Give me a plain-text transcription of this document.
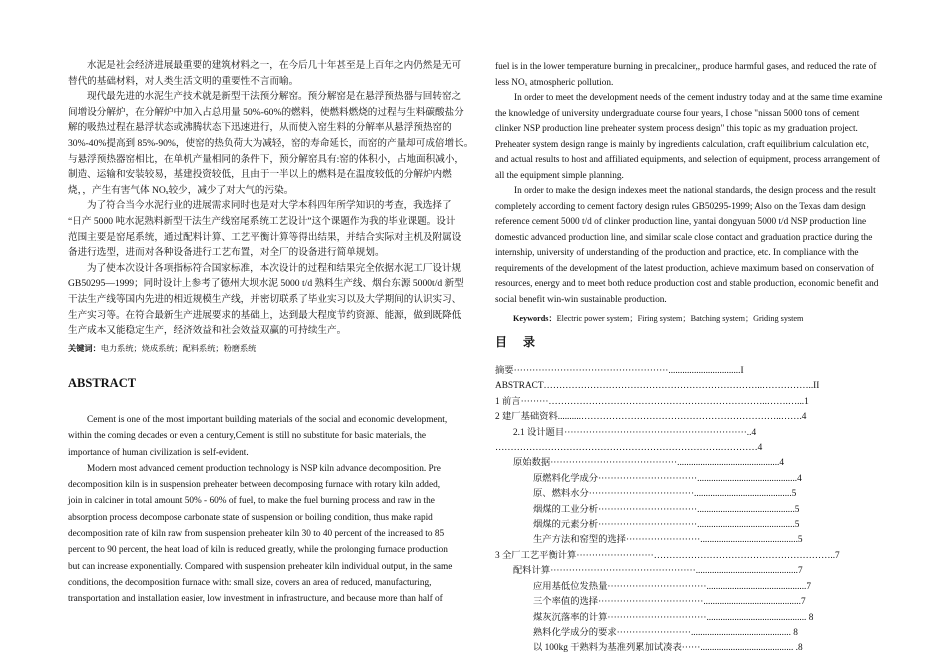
水泥是社会经济进展最重要的建筑材料之一，在今后几十年甚至是上百年之内仍然是无可
替代的基础材料，对人类生活文明的重要性不言而喻。
现代最先进的水泥生产技术就是新型干法预分解窑。预分解窑是在悬浮预热器与回转窑之
间增设分解炉，在分解炉中加入占总用量 50%-60%的燃料，使燃料燃烧的过程与生料碳酸盐分
解的吸热过程在悬浮状态或沸腾状态下迅速进行，从而使入窑生料的分解率从悬浮预热窑的
30%-40%提高到 85%-90%，使窑的热负荷大为减轻，窑的寿命延长，而窑的产量却可成倍增长。
与悬浮预热器窑相比，在单机产量相同的条件下，预分解窑具有:窑的体积小，占地面积减小，
制造、运输和安装较易，基建投资较低，且由于一半以上的燃料是在温度较低的分解炉内燃
烧，，产生有害气体 NOₓ较少，减少了对大气的污染。
为了符合当今水泥行业的进展需求同时也是对大学本科四年所学知识的考查，我选择了
“日产 5000 吨水泥熟料新型干法生产线窑尾系统工艺设计”这个课题作为我的毕业课题。设计
范围主要是窑尾系统，通过配料计算、工艺平衡计算等得出结果，并结合实际对主机及附属设
备进行选型，进而对各种设备进行工艺布置，对全厂的设备进行简单规划。
为了使本次设计各项指标符合国家标准，本次设计的过程和结果完全依据水泥工厂设计规
GB50295—1999；同时设计上参考了德州大坝水泥 5000 t/d 熟料生产线、烟台东源 5000t/d 新型
干法生产线等国内先进的相近规模生产线，并密切联系了毕业实习以及大学期间的认识实习、
生产实习等。在符合最新生产进展要求的基础上，达到最大程度节约资源、能源，做到既降低
生产成本又能稳定生产，经济效益和社会效益双赢的可持续生产。
关键词：电力系统；烧成系统；配料系统；粉磨系统
ABSTRACT
Cement is one of the most important building materials of the social and economic development,
within the coming decades or even a century,Cement is still no substitute for basic materials, the
importance of human civilization is self-evident.
Modern most advanced cement production technology is NSP kiln advance decomposition. Pre
decomposition kiln is in suspension preheater between decomposing furnace with rotary kiln added,
join in calciner in total amount 50% - 60% of fuel, to make the fuel burning process and raw in the
absorption process decompose carbonate state of suspension or boiling condition, thus make rapid
decomposition rate of kiln raw from suspension preheater kiln 30 to 40 percent of the increased to 85
percent to 90 percent, the heat load of kiln is reduced greatly, while the prolonging furnace production
but can increase exponentially. Compared with suspension preheater kiln individual output, in the same
conditions, the decomposition furnace with: small size, covers an area of reduced, manufacturing,
transportation and installation easier, low investment in infrastructure, and because more than half of
fuel is in the lower temperature burning in precalciner,, produce harmful gases, and reduced the rate of
less NOₓ atmospheric pollution.
In order to meet the development needs of the cement industry today and at the same time examine
the knowledge of university undergraduate course four years, I chose "nissan 5000 tons of cement
clinker NSP production line preheater system process design" this topic as my graduation project.
Preheater system design range is mainly by ingredients calculation, craft equilibrium calculation etc,
and actual results to host and affiliated equipments, and selection of equipment, process arrangement of
all the equipment simple planning.
In order to make the design indexes meet the national standards, the design process and the result
completely according to cement factory design rules GB50295-1999; Also on the Texas dam design
reference cement 5000 t/d of clinker production line, yantai dongyuan 5000 t/d NSP production line
domestic advanced production line, and similar scale close contact and graduation practice during the
internship, university of understanding of the production and practice, etc. In compliance with the
requirements of the development of the latest production, achieve maximum based on conservation of
resources, energy and to meet both reduce production cost and stable production, economic benefit and
social benefit win-win sustainable production.
Keywords：Electric power system；Firing system；Batching system；Griding system
目　录
摘要··················································...............................I
ABSTRACT……………………………………………………………..……………..II
1 前言·········……………………………………………………………..…….…...1
2 建厂基础资料..........………………………………………………………..…….4
2.1 设计题目···························································..4
……………………………………………………………….…………4
原始数据·········································............................................4
原燃料化学成分································...........................................4
原、燃料水分··································..........................................5
烟煤的工业分析································..........................................5
烟煤的元素分析································..........................................5
生产方法和窑型的选择························..........................................5
3 全厂工艺平衡计算·························…………………………………………………..7
配料计算···············································............................................7
应用基低位发热量································...........................................7
三个率值的选择··································..........................................7
煤灰沉落率的计算································........................................... 8
熟料化学成分的要求························........................................... 8
以 100kg 干熟料为基准列累加试凑表······........................................ .8
